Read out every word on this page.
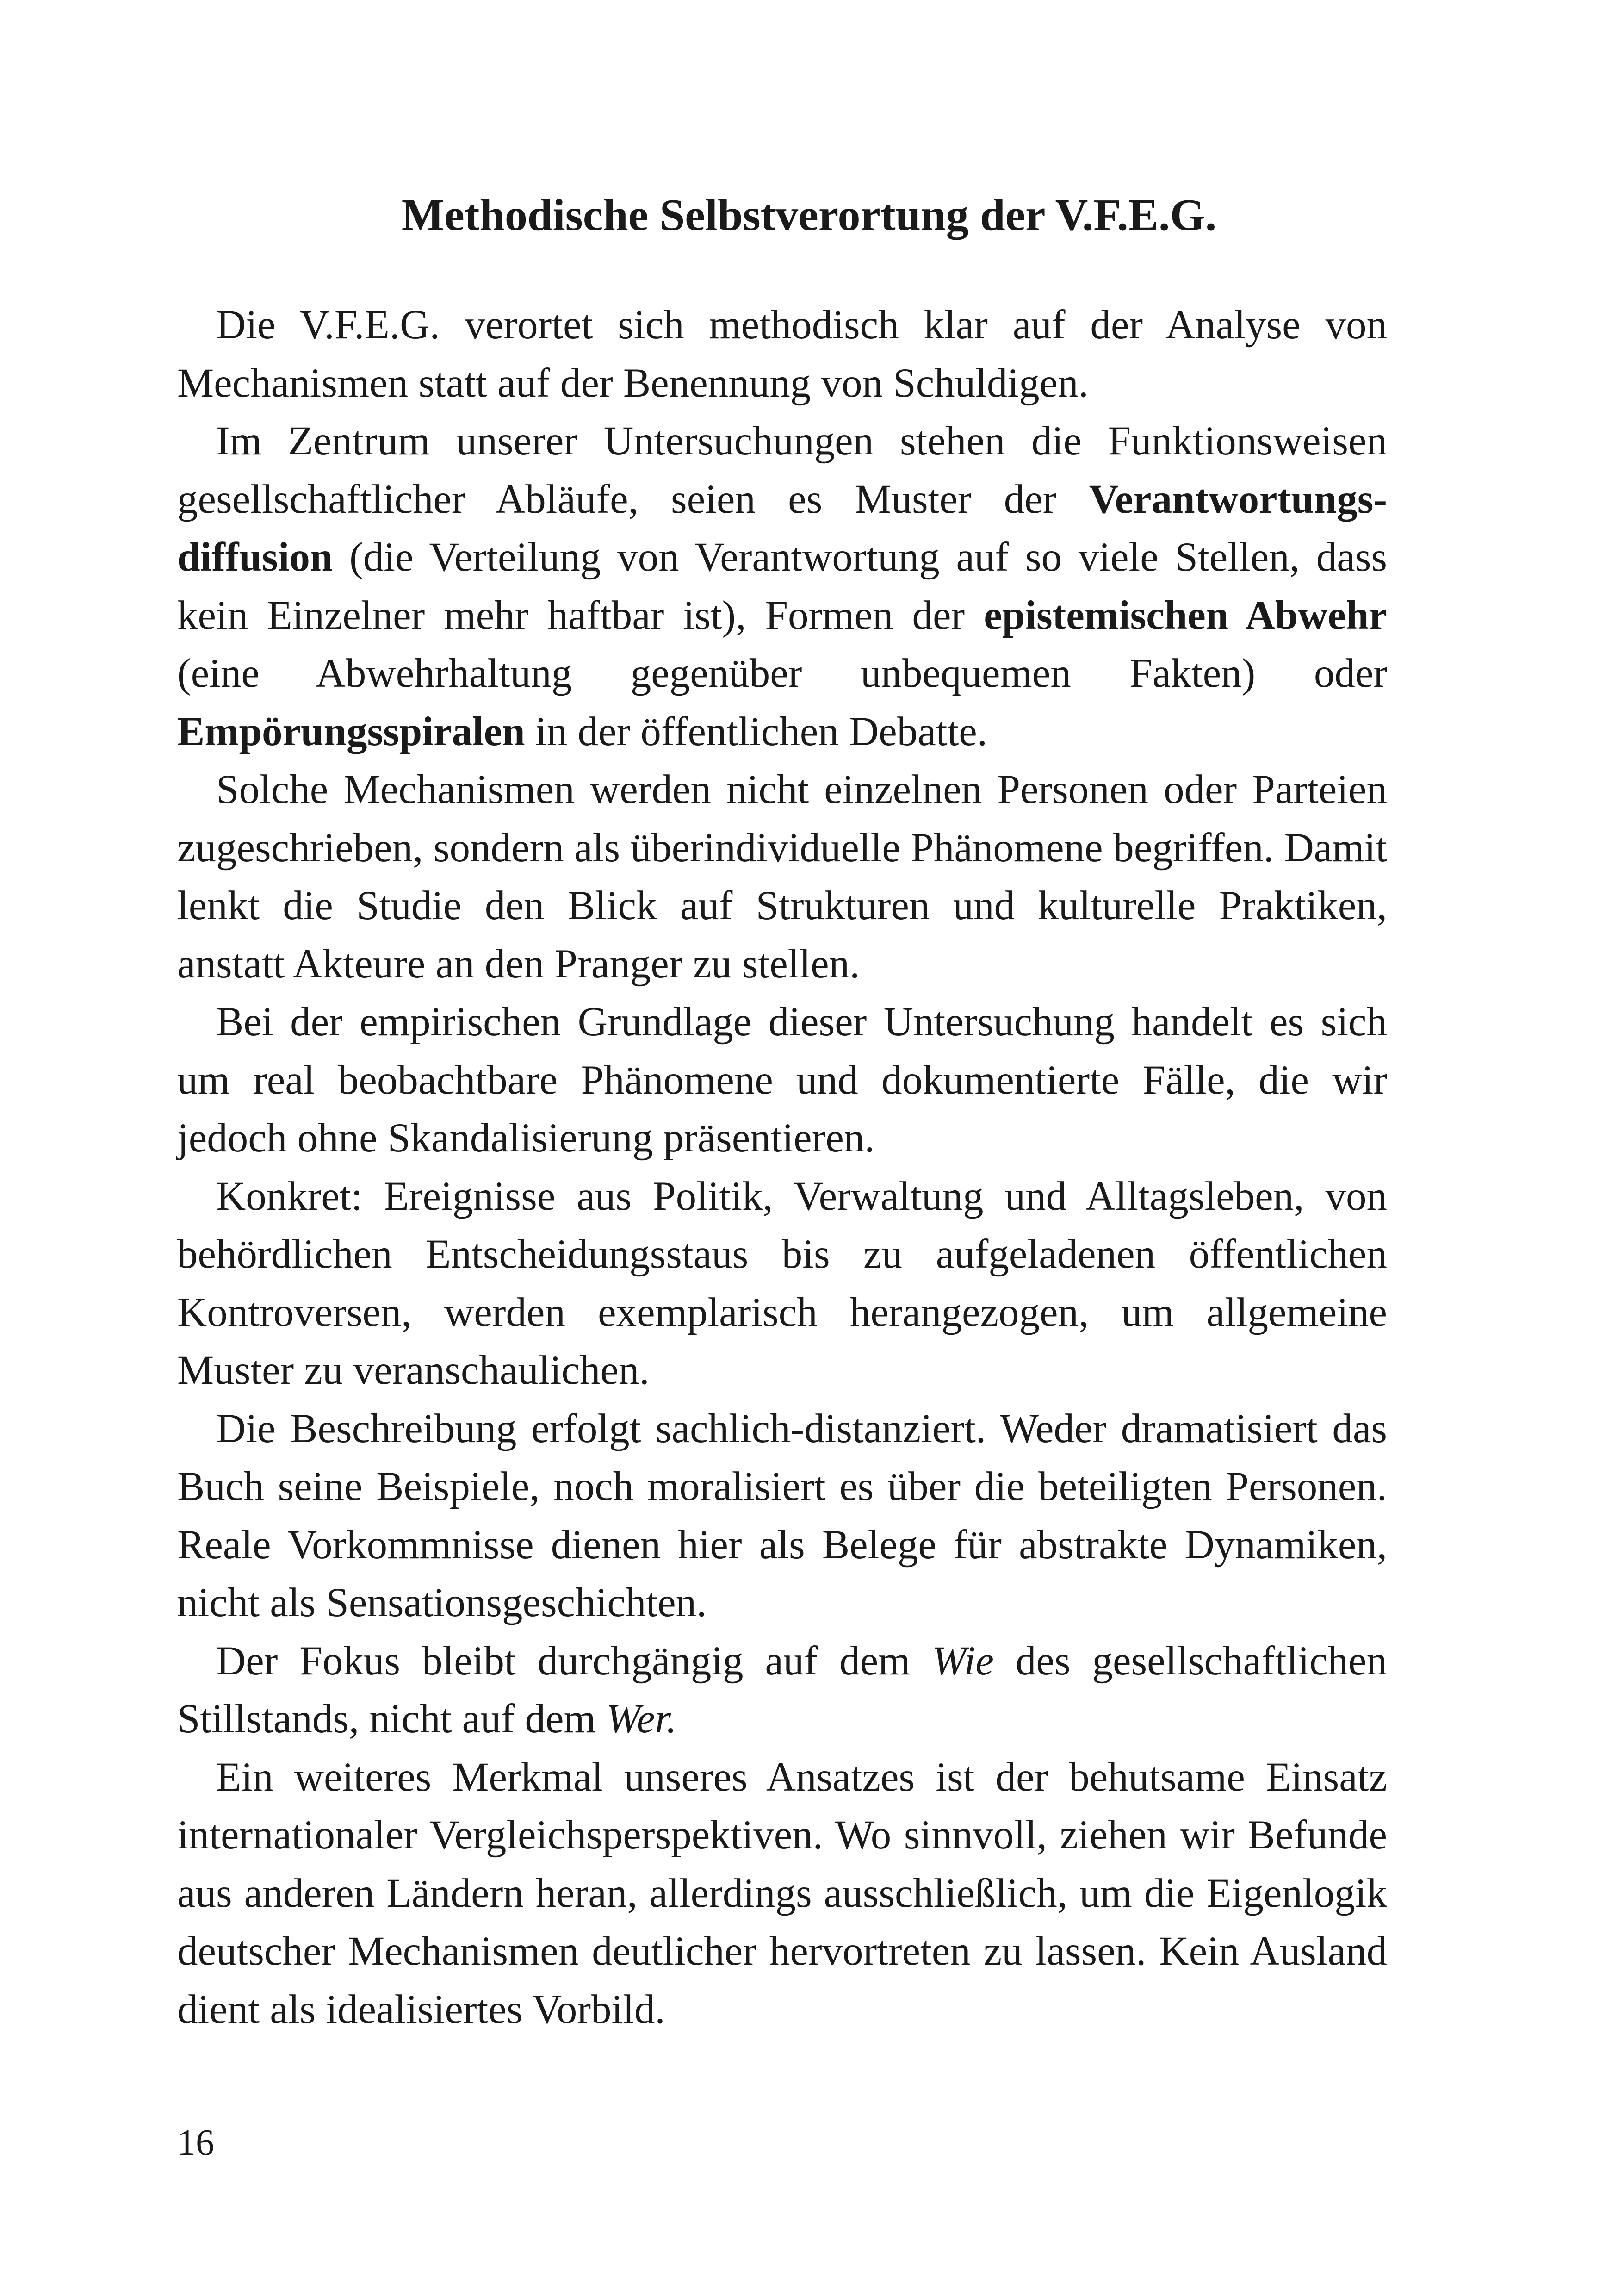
Methodische Selbstverortung der V.F.E.G.

Die V.F.E.G. verortet sich methodisch klar auf der Analyse von Mechanismen statt auf der Benennung von Schuldigen.

Im Zentrum unserer Untersuchungen stehen die Funktionsweisen gesellschaftlicher Abläufe, seien es Muster der Verantwortungsdiffusion (die Verteilung von Verantwortung auf so viele Stellen, dass kein Einzelner mehr haftbar ist), Formen der epistemischen Abwehr (eine Abwehrhaltung gegenüber unbequemen Fakten) oder Empörungsspiralen in der öffentlichen Debatte.

Solche Mechanismen werden nicht einzelnen Personen oder Parteien zugeschrieben, sondern als überindividuelle Phänomene begriffen. Damit lenkt die Studie den Blick auf Strukturen und kulturelle Praktiken, anstatt Akteure an den Pranger zu stellen.

Bei der empirischen Grundlage dieser Untersuchung handelt es sich um real beobachtbare Phänomene und dokumentierte Fälle, die wir jedoch ohne Skandalisierung präsentieren.

Konkret: Ereignisse aus Politik, Verwaltung und Alltagsleben, von behördlichen Entscheidungsstaus bis zu aufgeladenen öffentlichen Kontroversen, werden exemplarisch herangezogen, um allgemeine Muster zu veranschaulichen.

Die Beschreibung erfolgt sachlich-distanziert. Weder dramatisiert das Buch seine Beispiele, noch moralisiert es über die beteiligten Personen. Reale Vorkommnisse dienen hier als Belege für abstrakte Dynamiken, nicht als Sensationsgeschichten.

Der Fokus bleibt durchgängig auf dem Wie des gesellschaftlichen Stillstands, nicht auf dem Wer.

Ein weiteres Merkmal unseres Ansatzes ist der behutsame Einsatz internationaler Vergleichsperspektiven. Wo sinnvoll, ziehen wir Befunde aus anderen Ländern heran, allerdings ausschließlich, um die Eigenlogik deutscher Mechanismen deutlicher hervortreten zu lassen. Kein Ausland dient als idealisiertes Vorbild.

16
